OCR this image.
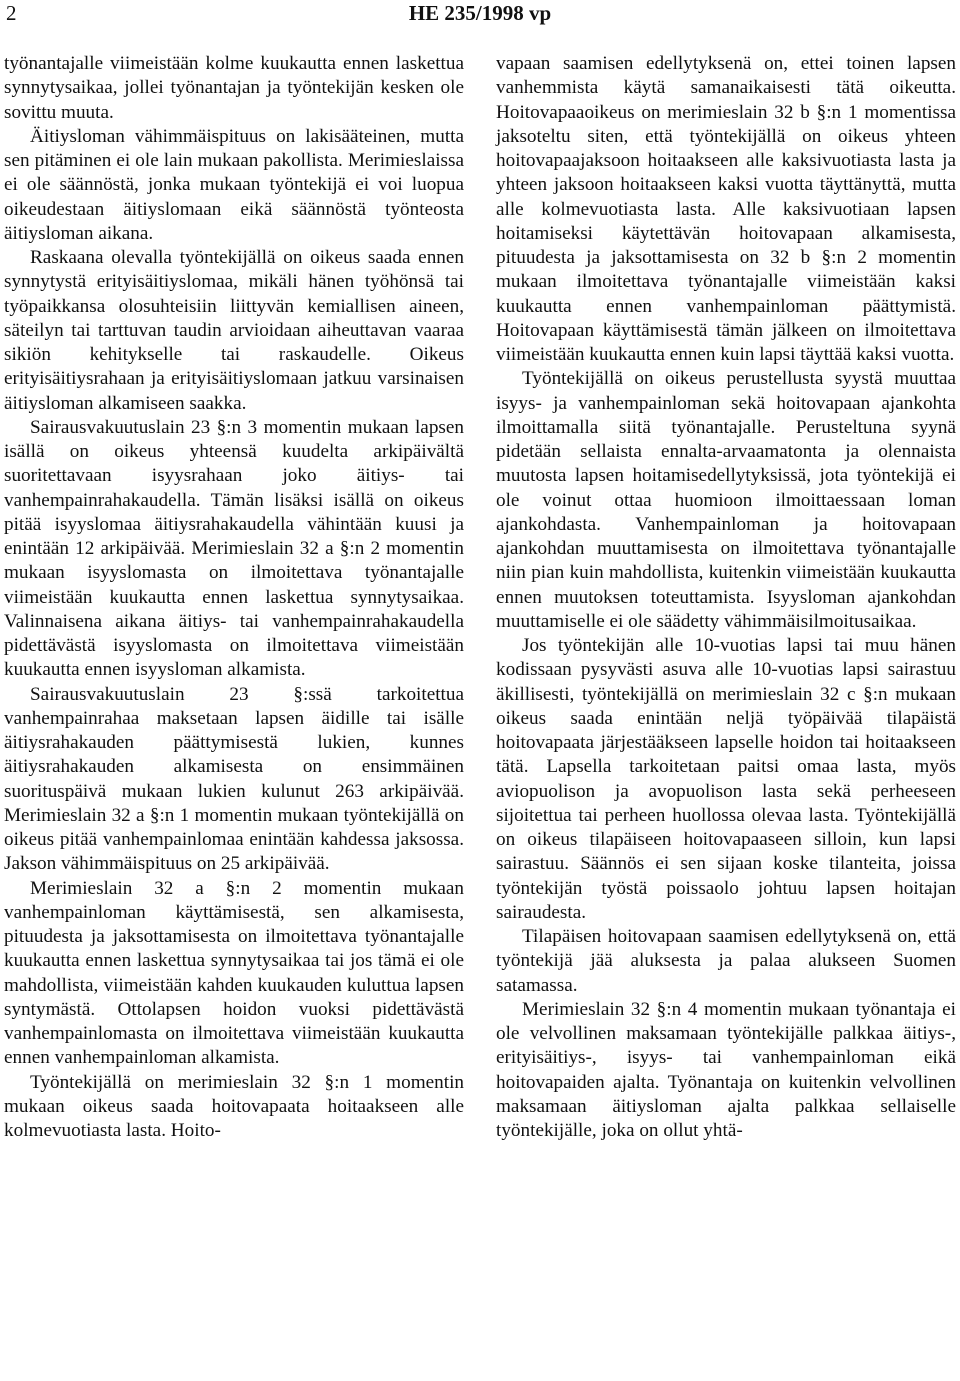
2	HE 235/1998 vp

työnantajalle viimeistään kolme kuukautta ennen laskettua synnytysaikaa, jollei työnantajan ja työntekijän kesken ole sovittu muuta.

Äitiysloman vähimmäispituus on lakisääteinen, mutta sen pitäminen ei ole lain mukaan pakollista. Merimieslaissa ei ole säännöstä, jonka mukaan työntekijä ei voi luopua oikeudestaan äitiyslomaan eikä säännöstä työnteosta äitiysloman aikana.

Raskaana olevalla työntekijällä on oikeus saada ennen synnytystä erityisäitiyslomaa, mikäli hänen työhönsä tai työpaikkansa olosuhteisiin liittyvän kemiallisen aineen, säteilyn tai tarttuvan taudin arvioidaan aiheuttavan vaaraa sikiön kehitykselle tai raskaudelle. Oikeus erityisäitiysrahaan ja erityisäitiyslomaan jatkuu varsinaisen äitiysloman alkamiseen saakka.

Sairausvakuutuslain 23 §:n 3 momentin mukaan lapsen isällä on oikeus yhteensä kuudelta arkipäivältä suoritettavaan isyysrahaan joko äitiys- tai vanhempainrahakaudella. Tämän lisäksi isällä on oikeus pitää isyyslomaa äitiysrahakaudella vähintään kuusi ja enintään 12 arkipäivää. Merimieslain 32 a §:n 2 momentin mukaan isyyslomasta on ilmoitettava työnantajalle viimeistään kuukautta ennen laskettua synnytysaikaa. Valinnaisena aikana äitiys- tai vanhempainrahakaudella pidettävästä isyyslomasta on ilmoitettava viimeistään kuukautta ennen isyysloman alkamista.

Sairausvakuutuslain 23 §:ssä tarkoitettua vanhempainrahaa maksetaan lapsen äidille tai isälle äitiysrahakauden päättymisestä lukien, kunnes äitiysrahakauden alkamisesta on ensimmäinen suorituspäivä mukaan lukien kulunut 263 arkipäivää. Merimieslain 32 a §:n 1 momentin mukaan työntekijällä on oikeus pitää vanhempainlomaa enintään kahdessa jaksossa. Jakson vähimmäispituus on 25 arkipäivää.

Merimieslain 32 a §:n 2 momentin mukaan vanhempainloman käyttämisestä, sen alkamisesta, pituudesta ja jaksottamisesta on ilmoitettava työnantajalle kuukautta ennen laskettua synnytysaikaa tai jos tämä ei ole mahdollista, viimeistään kahden kuukauden kuluttua lapsen syntymästä. Ottolapsen hoidon vuoksi pidettävästä vanhempainlomasta on ilmoitettava viimeistään kuukautta ennen vanhempainloman alkamista.

Työntekijällä on merimieslain 32 §:n 1 momentin mukaan oikeus saada hoitovapaata hoitaakseen alle kolmevuotiasta lasta. Hoito-

vapaan saamisen edellytyksenä on, ettei toinen lapsen vanhemmista käytä samanaikaisesti tätä oikeutta. Hoitovapaaoikeus on merimieslain 32 b §:n 1 momentissa jaksoteltu siten, että työntekijällä on oikeus yhteen hoitovapaajaksoon hoitaakseen alle kaksivuotiasta lasta ja yhteen jaksoon hoitaakseen kaksi vuotta täyttänyttä, mutta alle kolmevuotiasta lasta. Alle kaksivuotiaan lapsen hoitamiseksi käytettävän hoitovapaan alkamisesta, pituudesta ja jaksottamisesta on 32 b §:n 2 momentin mukaan ilmoitettava työnantajalle viimeistään kaksi kuukautta ennen vanhempainloman päättymistä. Hoitovapaan käyttämisestä tämän jälkeen on ilmoitettava viimeistään kuukautta ennen kuin lapsi täyttää kaksi vuotta.

Työntekijällä on oikeus perustellusta syystä muuttaa isyys- ja vanhempainloman sekä hoitovapaan ajankohta ilmoittamalla siitä työnantajalle. Perusteltuna syynä pidetään sellaista ennalta-arvaamatonta ja olennaista muutosta lapsen hoitamisedellytyksissä, jota työntekijä ei ole voinut ottaa huomioon ilmoittaessaan loman ajankohdasta. Vanhempainloman ja hoitovapaan ajankohdan muuttamisesta on ilmoitettava työnantajalle niin pian kuin mahdollista, kuitenkin viimeistään kuukautta ennen muutoksen toteuttamista. Isyysloman ajankohdan muuttamiselle ei ole säädetty vähimmäisilmoitusaikaa.

Jos työntekijän alle 10-vuotias lapsi tai muu hänen kodissaan pysyvästi asuva alle 10-vuotias lapsi sairastuu äkillisesti, työntekijällä on merimieslain 32 c §:n mukaan oikeus saada enintään neljä työpäivää tilapäistä hoitovapaata järjestääkseen lapselle hoidon tai hoitaakseen tätä. Lapsella tarkoitetaan paitsi omaa lasta, myös aviopuolison ja avopuolison lasta sekä perheeseen sijoitettua tai perheen huollossa olevaa lasta. Työntekijällä on oikeus tilapäiseen hoitovapaaseen silloin, kun lapsi sairastuu. Säännös ei sen sijaan koske tilanteita, joissa työntekijän työstä poissaolo johtuu lapsen hoitajan sairaudesta.

Tilapäisen hoitovapaan saamisen edellytyksenä on, että työntekijä jää aluksesta ja palaa alukseen Suomen satamassa.

Merimieslain 32 §:n 4 momentin mukaan työnantaja ei ole velvollinen maksamaan työntekijälle palkkaa äitiys-, erityisäitiys-, isyys- tai vanhempainloman eikä hoitovapaiden ajalta. Työnantaja on kuitenkin velvollinen maksamaan äitiysloman ajalta palkkaa sellaiselle työntekijälle, joka on ollut yhtä-
